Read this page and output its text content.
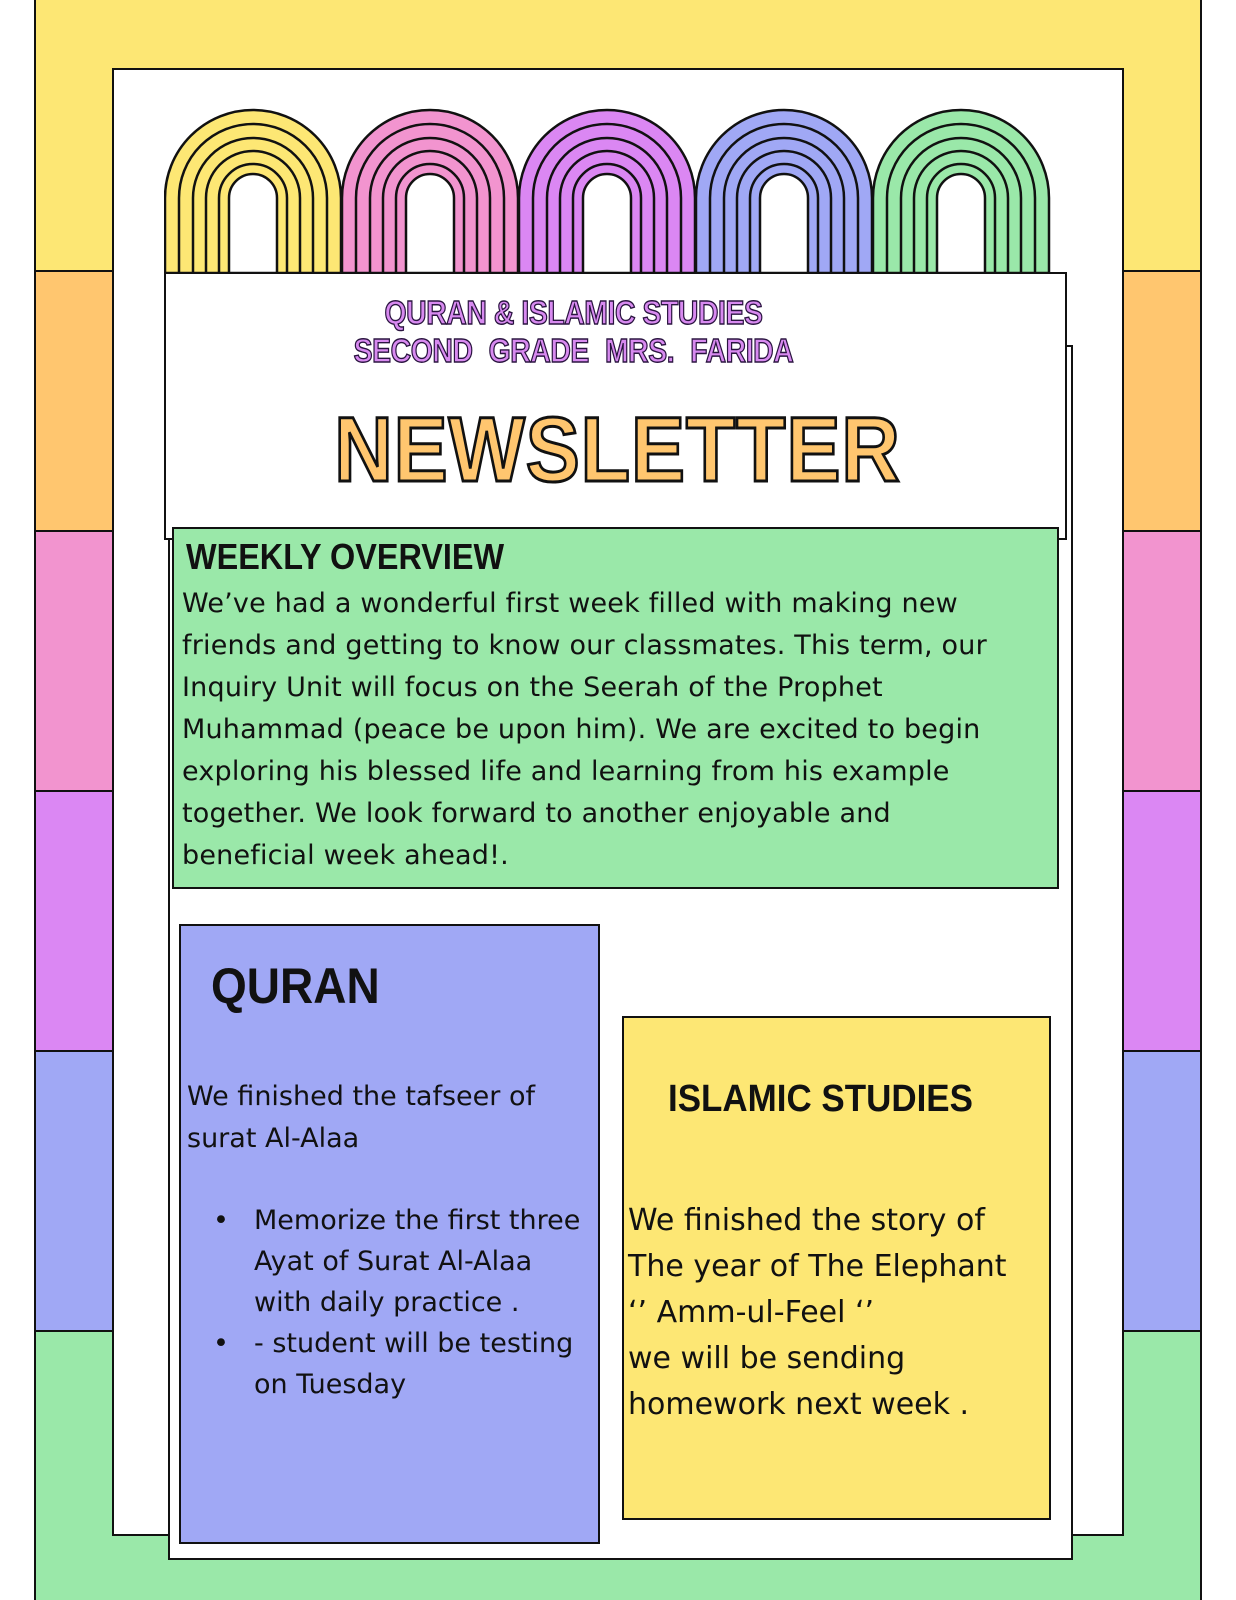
QURAN & ISLAMIC STUDIES
SECOND GRADE MRS. FARIDA
NEWSLETTER
WEEKLY OVERVIEW

We’ve had a wonderful first week filled with making new
friends and getting to know our classmates. This term, our
Inquiry Unit will focus on the Seerah of the Prophet
Muhammad (peace be upon him). We are excited to begin
exploring his blessed life and learning from his example
together. We look forward to another enjoyable and
beneficial week ahead!.

QURAN

We finished the tafseer of
surat Al-Alaa

• Memorize the first three
Ayat of Surat Al-Alaa
with daily practice .
• - student will be testing
on Tuesday
ISLAMIC STUDIES

We finished the story of
The year of The Elephant
‘’ Amm-ul-Feel ‘’
we will be sending
homework next week .
